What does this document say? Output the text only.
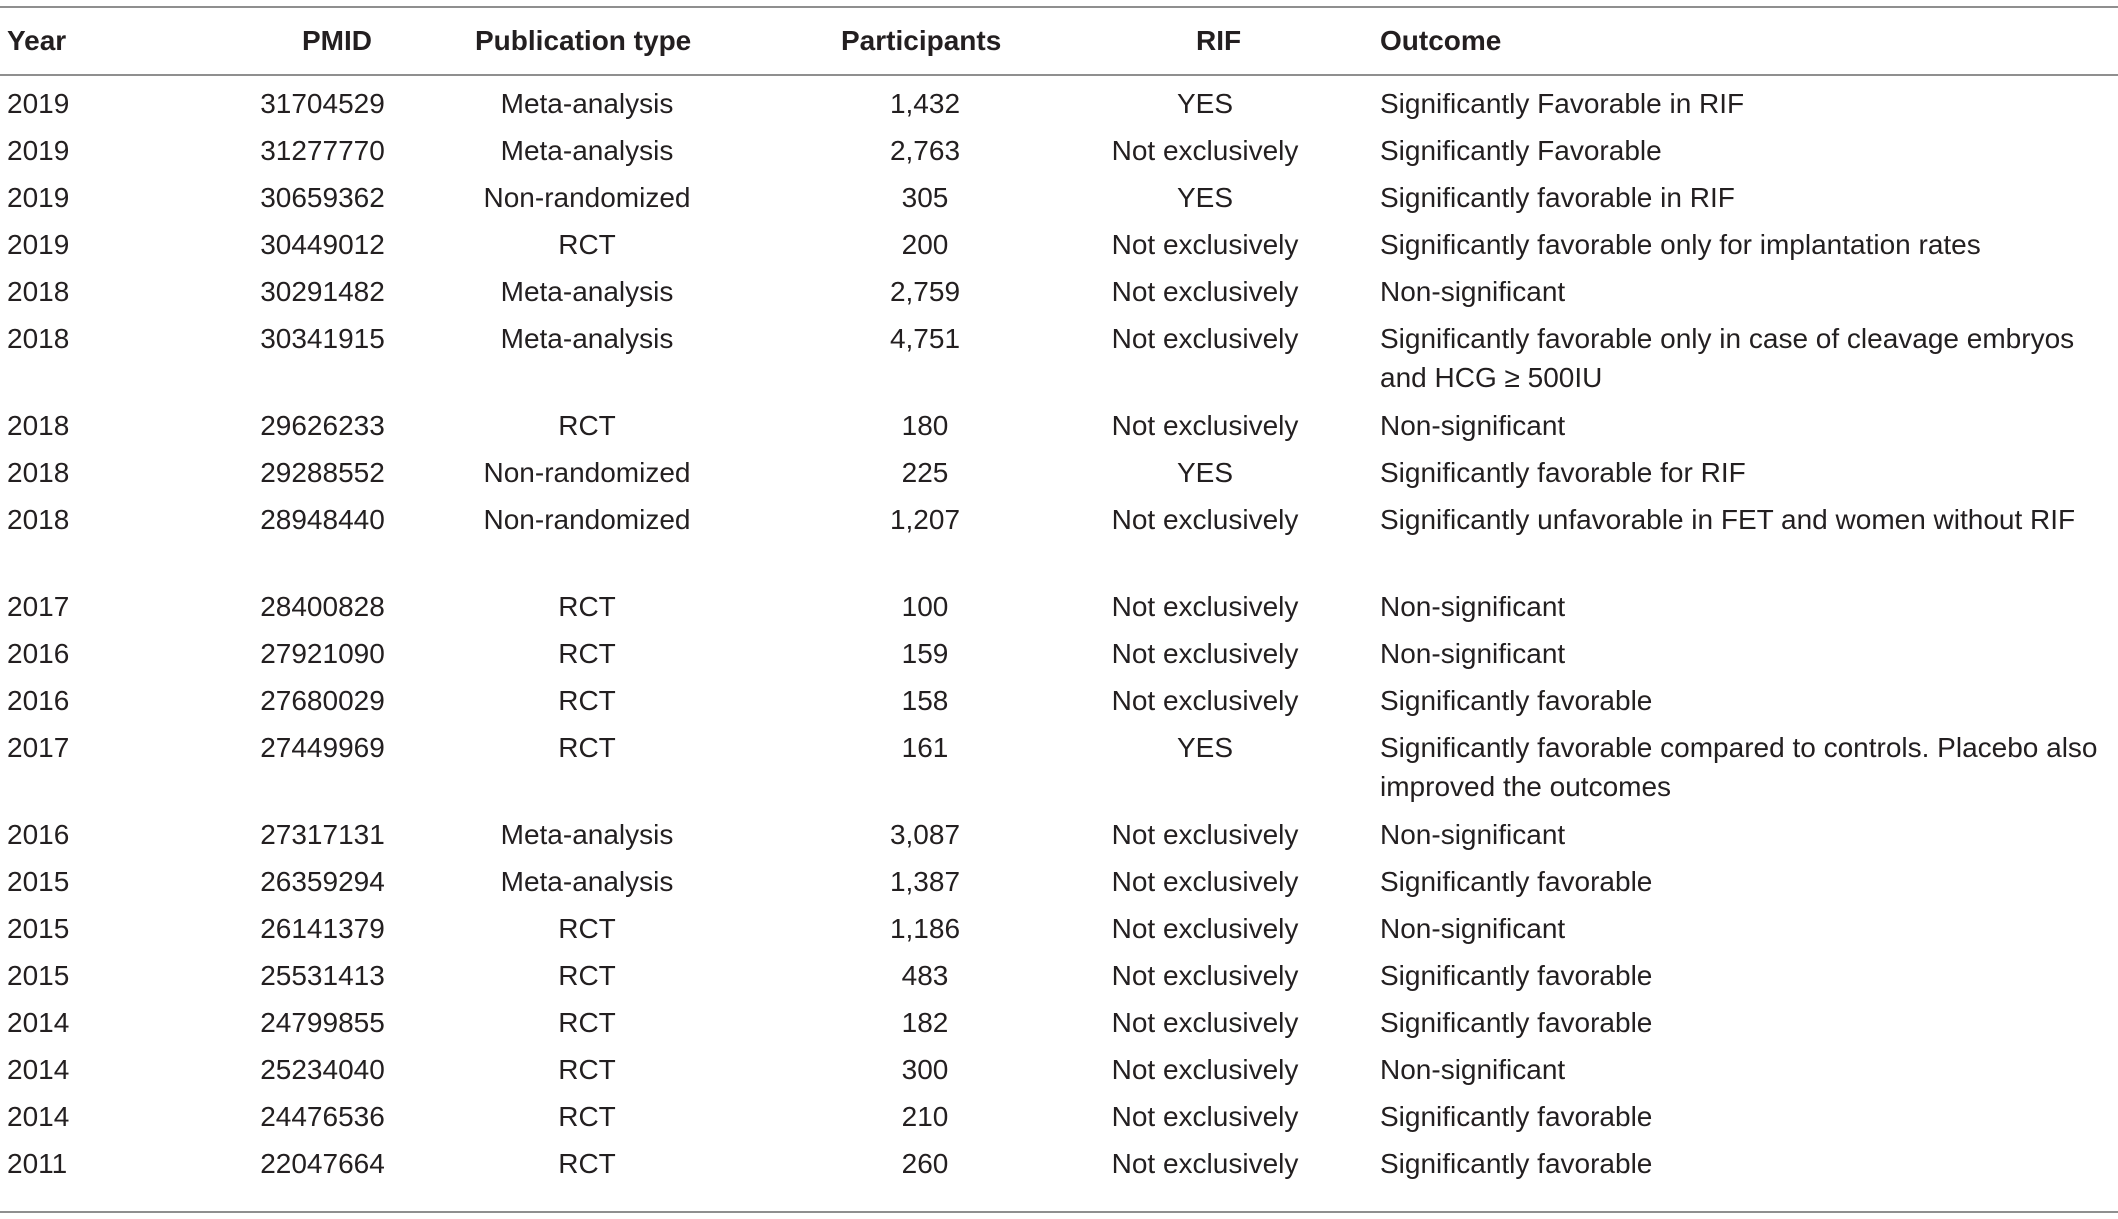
Year	PMID	Publication type	Participants	RIF	Outcome
2019	31704529	Meta-analysis	1,432	YES	Significantly Favorable in RIF
2019	31277770	Meta-analysis	2,763	Not exclusively	Significantly Favorable
2019	30659362	Non-randomized	305	YES	Significantly favorable in RIF
2019	30449012	RCT	200	Not exclusively	Significantly favorable only for implantation rates
2018	30291482	Meta-analysis	2,759	Not exclusively	Non-significant
2018	30341915	Meta-analysis	4,751	Not exclusively	Significantly favorable only in case of cleavage embryos and HCG ≥ 500IU
2018	29626233	RCT	180	Not exclusively	Non-significant
2018	29288552	Non-randomized	225	YES	Significantly favorable for RIF
2018	28948440	Non-randomized	1,207	Not exclusively	Significantly unfavorable in FET and women without RIF
2017	28400828	RCT	100	Not exclusively	Non-significant
2016	27921090	RCT	159	Not exclusively	Non-significant
2016	27680029	RCT	158	Not exclusively	Significantly favorable
2017	27449969	RCT	161	YES	Significantly favorable compared to controls. Placebo also improved the outcomes
2016	27317131	Meta-analysis	3,087	Not exclusively	Non-significant
2015	26359294	Meta-analysis	1,387	Not exclusively	Significantly favorable
2015	26141379	RCT	1,186	Not exclusively	Non-significant
2015	25531413	RCT	483	Not exclusively	Significantly favorable
2014	24799855	RCT	182	Not exclusively	Significantly favorable
2014	25234040	RCT	300	Not exclusively	Non-significant
2014	24476536	RCT	210	Not exclusively	Significantly favorable
2011	22047664	RCT	260	Not exclusively	Significantly favorable
